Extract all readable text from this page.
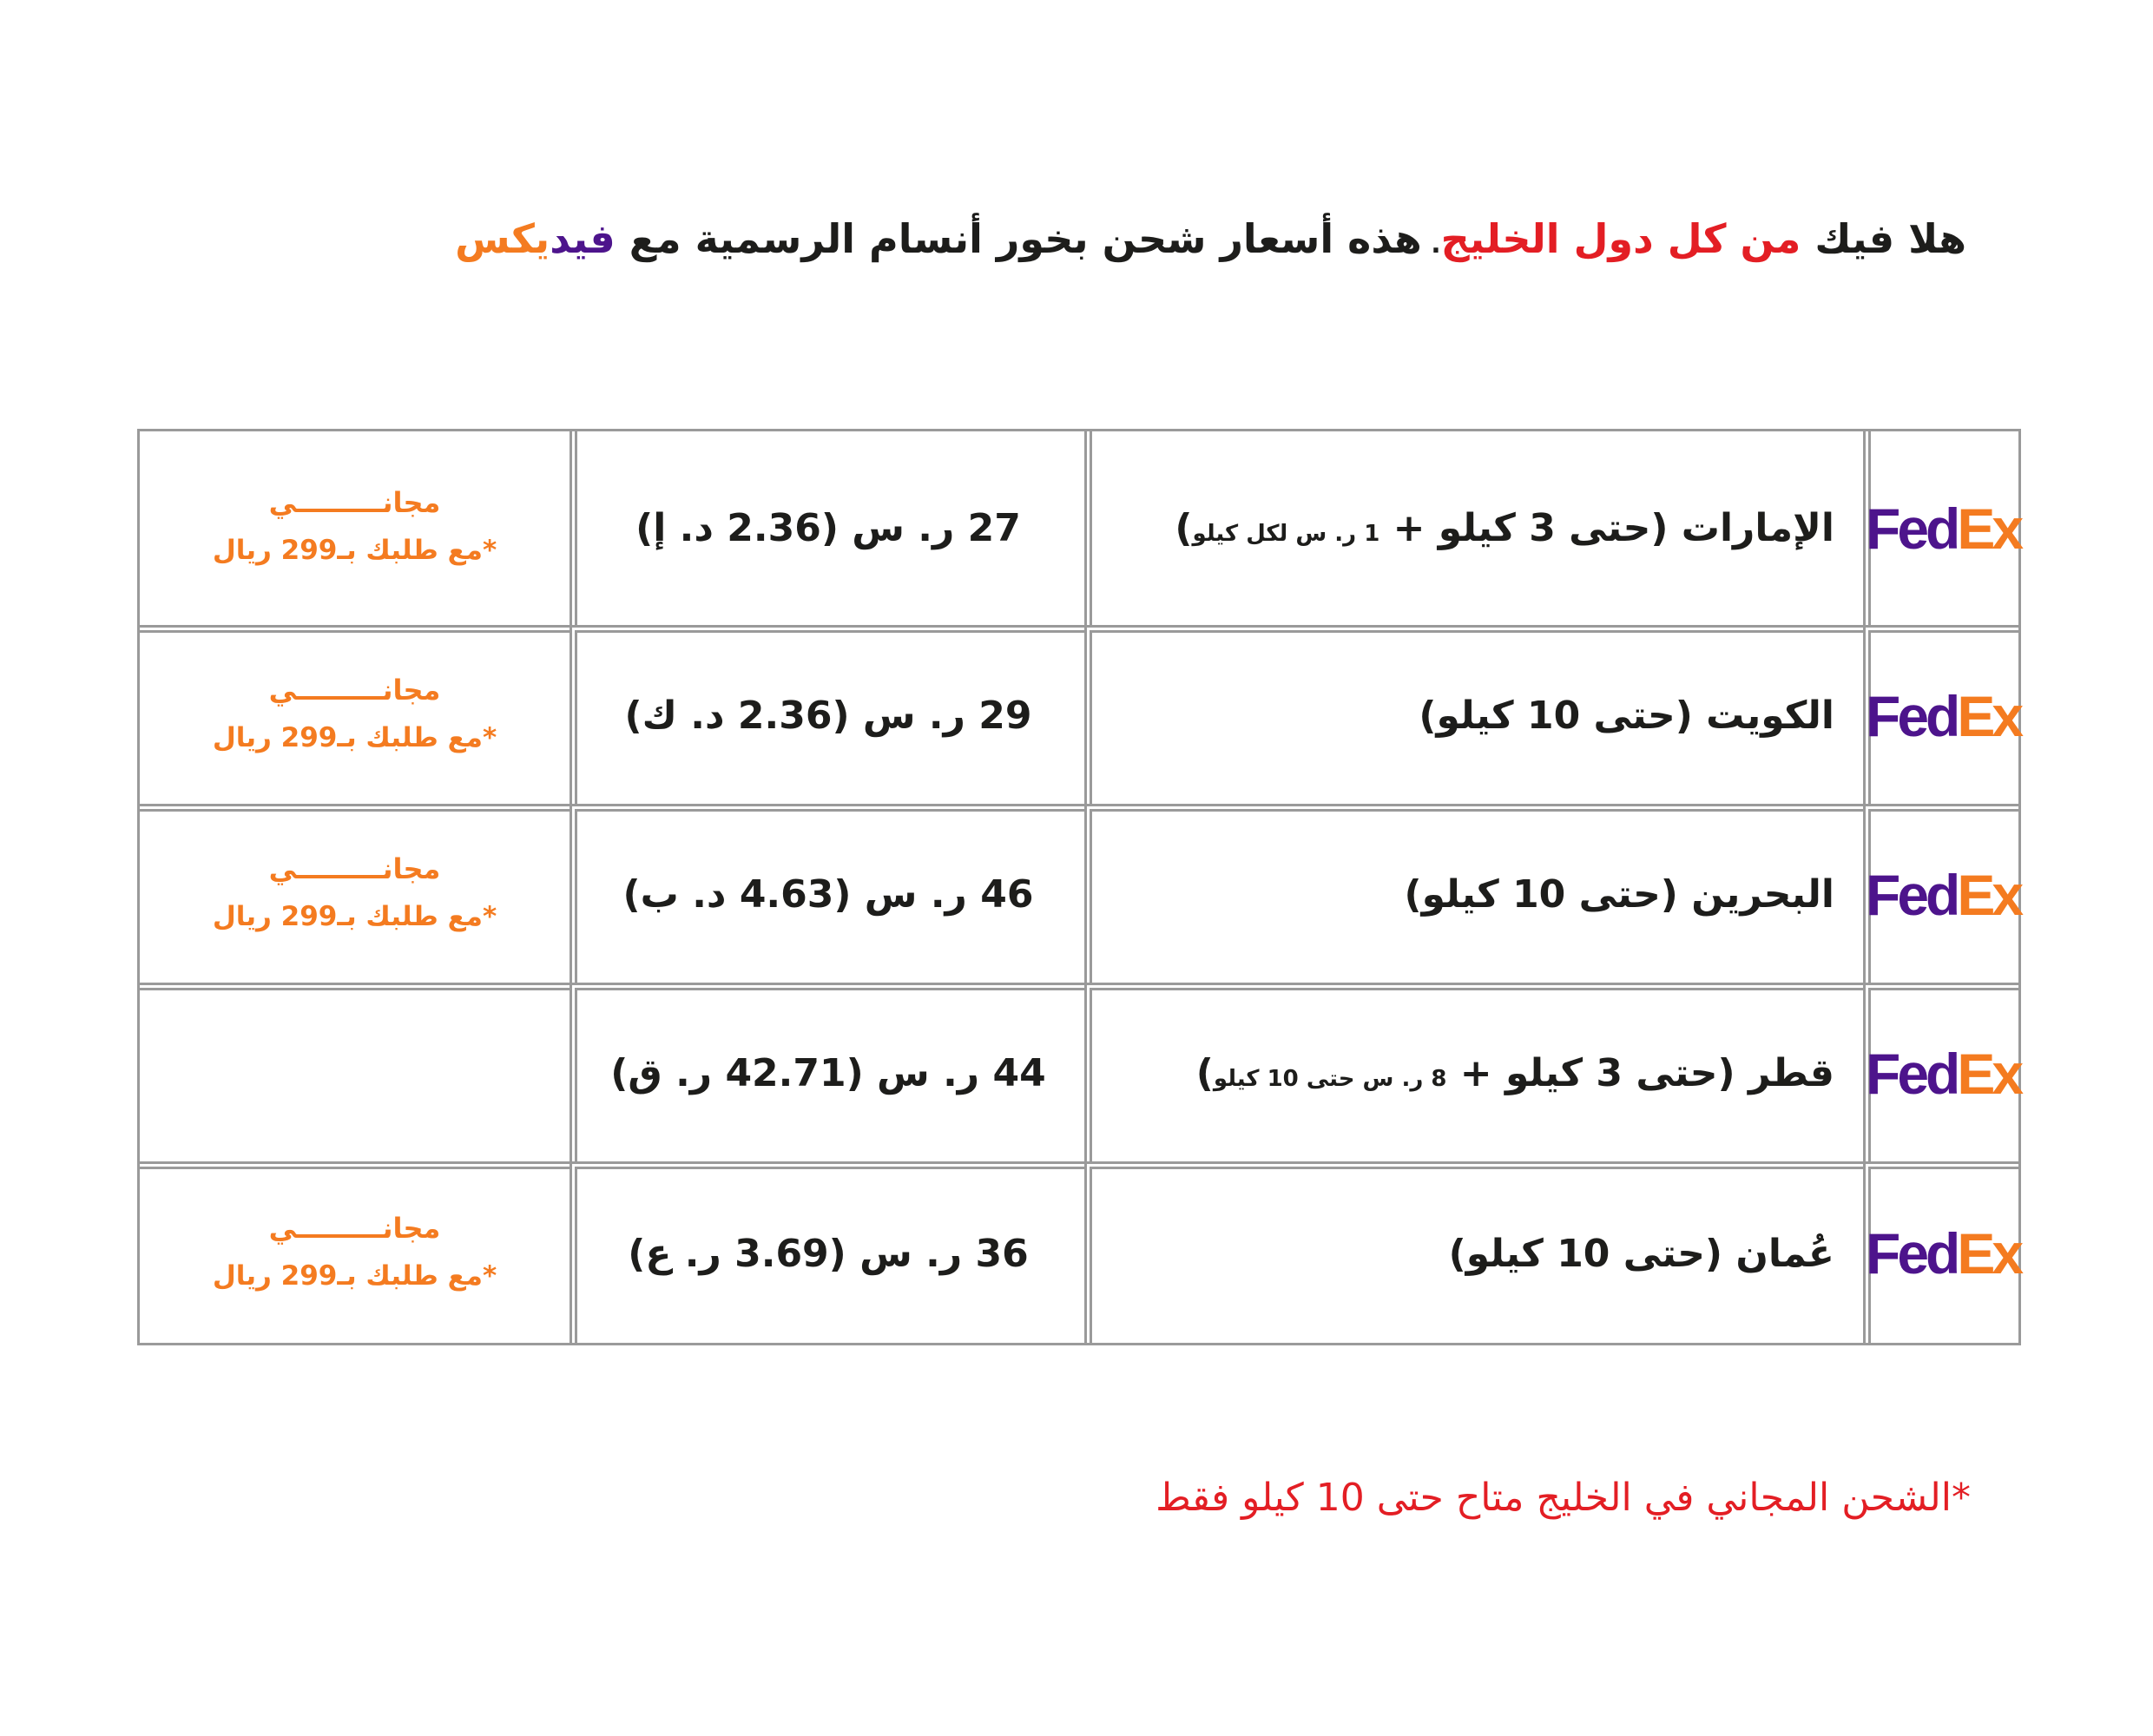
هلا فيك من كل دول الخليج. هذه أسعار شحن بخور أنسام الرسمية مع فيديكس
مجانـــــــــي
*مع طلبك بـ299 ريال	27 ر. س (2.36 د. إ)	الإمارات (حتى 3 كيلو + 1 ر. س لكل كيلو)	FedEx

مجانـــــــــي
*مع طلبك بـ299 ريال	29 ر. س (2.36 د. ك)	الكويت (حتى 10 كيلو)	FedEx

مجانـــــــــي
*مع طلبك بـ299 ريال	46 ر. س (4.63 د. ب)	البحرين (حتى 10 كيلو)	FedEx

	44 ر. س (42.71 ر. ق)	قطر (حتى 3 كيلو + 8 ر. س حتى 10 كيلو)	FedEx

مجانـــــــــي
*مع طلبك بـ299 ريال	36 ر. س (3.69 ر. ع)	عُمان (حتى 10 كيلو)	FedEx
*الشحن المجاني في الخليج متاح حتى 10 كيلو فقط
